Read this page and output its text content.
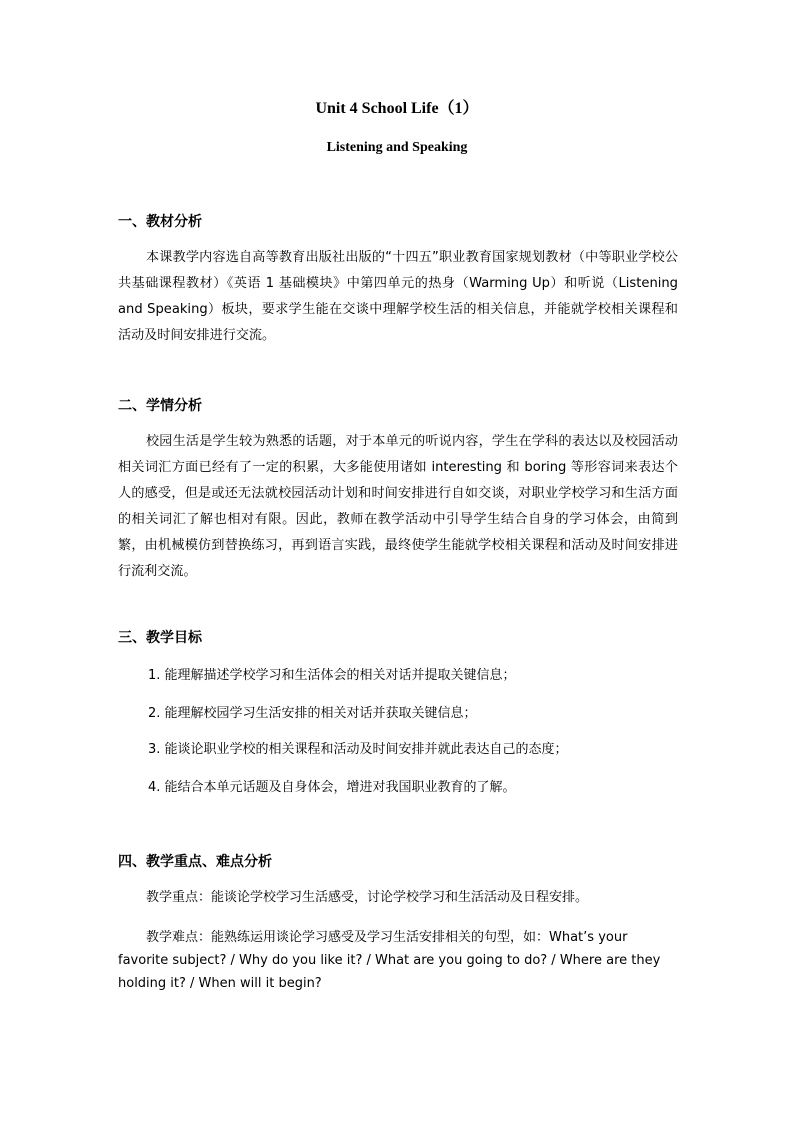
Unit 4 School Life（1）
Listening and Speaking
一、教材分析
本课教学内容选自高等教育出版社出版的“十四五”职业教育国家规划教材（中等职业学校公共基础课程教材）《英语 1 基础模块》中第四单元的热身（Warming Up）和听说（Listening and Speaking）板块，要求学生能在交谈中理解学校生活的相关信息，并能就学校相关课程和活动及时间安排进行交流。
二、学情分析
校园生活是学生较为熟悉的话题，对于本单元的听说内容，学生在学科的表达以及校园活动相关词汇方面已经有了一定的积累，大多能使用诸如 interesting 和 boring 等形容词来表达个人的感受，但是或还无法就校园活动计划和时间安排进行自如交谈，对职业学校学习和生活方面的相关词汇了解也相对有限。因此，教师在教学活动中引导学生结合自身的学习体会，由简到繁，由机械模仿到替换练习，再到语言实践，最终使学生能就学校相关课程和活动及时间安排进行流利交流。
三、教学目标
1. 能理解描述学校学习和生活体会的相关对话并提取关键信息；
2. 能理解校园学习生活安排的相关对话并获取关键信息；
3. 能谈论职业学校的相关课程和活动及时间安排并就此表达自己的态度；
4. 能结合本单元话题及自身体会，增进对我国职业教育的了解。
四、教学重点、难点分析
教学重点：能谈论学校学习生活感受，讨论学校学习和生活活动及日程安排。
教学难点：能熟练运用谈论学习感受及学习生活安排相关的句型，如：What’s your favorite subject? / Why do you like it? / What are you going to do? / Where are they holding it? / When will it begin?
